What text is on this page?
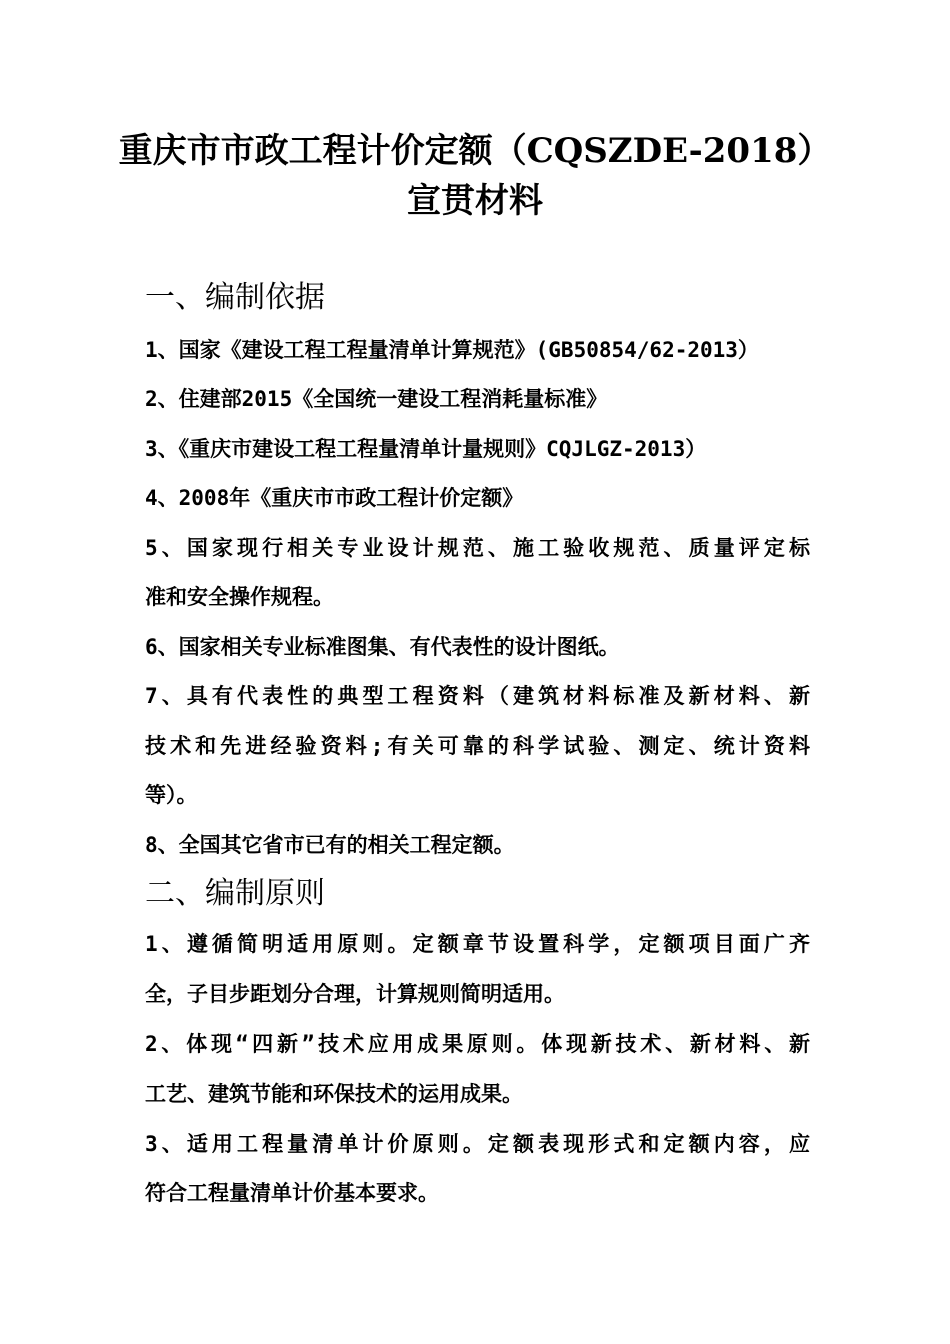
重庆市市政工程计价定额（CQSZDE-2018）
宣贯材料
一、编制依据
1、国家《建设工程工程量清单计算规范》(GB50854/62-2013）
2、住建部2015《全国统一建设工程消耗量标准》
3、《重庆市建设工程工程量清单计量规则》CQJLGZ-2013）
4、2008年《重庆市市政工程计价定额》
5、国家现行相关专业设计规范、施工验收规范、质量评定标
准和安全操作规程。
6、国家相关专业标准图集、有代表性的设计图纸。
7、具有代表性的典型工程资料（建筑材料标准及新材料、新
技术和先进经验资料;有关可靠的科学试验、测定、统计资料
等）。
8、全国其它省市已有的相关工程定额。
二、编制原则
1、遵循简明适用原则。定额章节设置科学，定额项目面广齐
全，子目步距划分合理，计算规则简明适用。
2、体现“四新”技术应用成果原则。体现新技术、新材料、新
工艺、建筑节能和环保技术的运用成果。
3、适用工程量清单计价原则。定额表现形式和定额内容，应
符合工程量清单计价基本要求。
